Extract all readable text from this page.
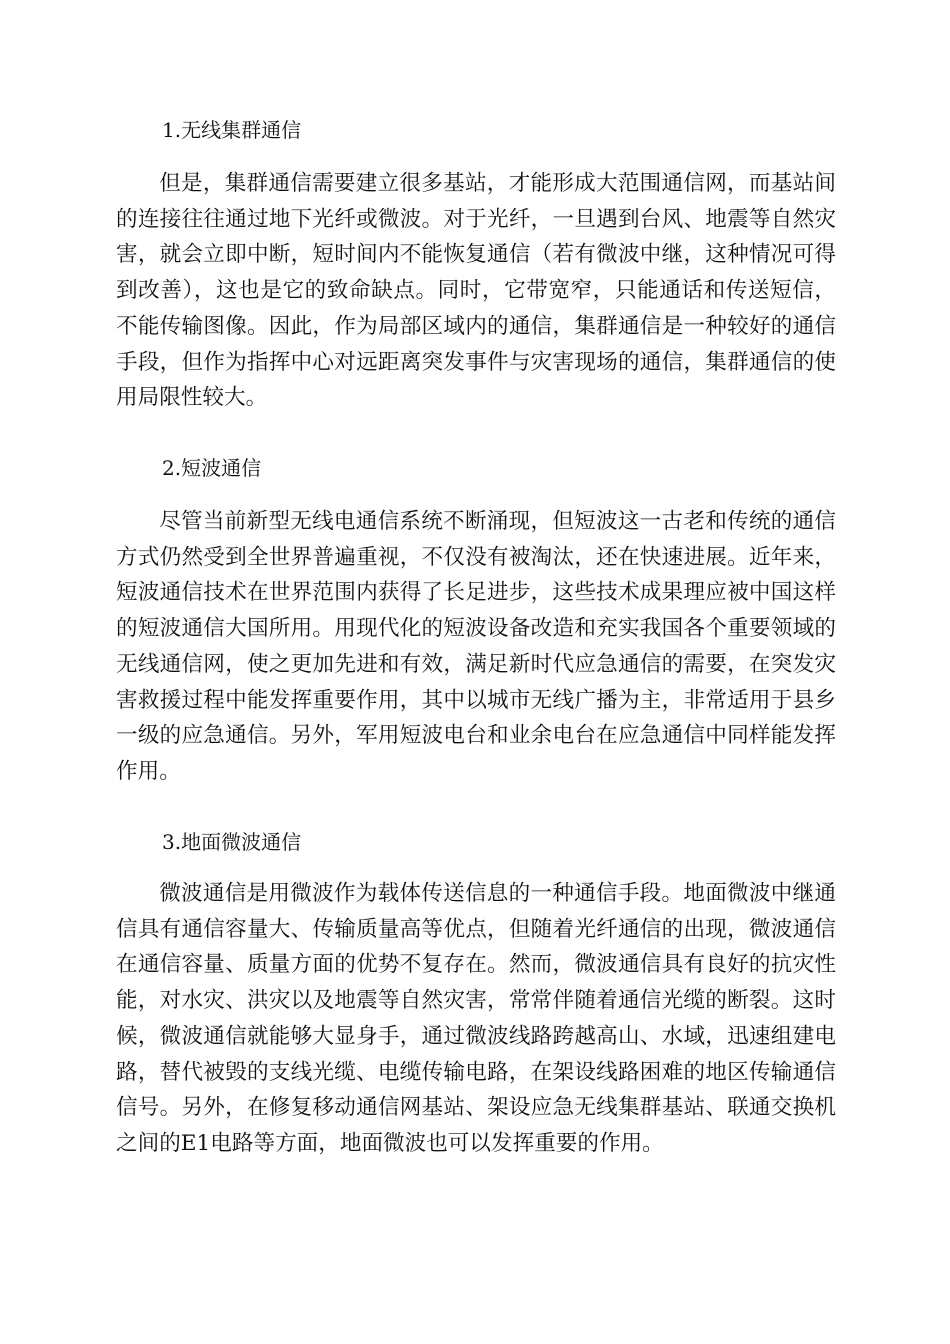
1.无线集群通信

但是，集群通信需要建立很多基站，才能形成大范围通信网，而基站间的连接往往通过地下光纤或微波。对于光纤，一旦遇到台风、地震等自然灾害，就会立即中断，短时间内不能恢复通信（若有微波中继，这种情况可得到改善），这也是它的致命缺点。同时，它带宽窄，只能通话和传送短信，不能传输图像。因此，作为局部区域内的通信，集群通信是一种较好的通信手段，但作为指挥中心对远距离突发事件与灾害现场的通信，集群通信的使用局限性较大。

2.短波通信

尽管当前新型无线电通信系统不断涌现，但短波这一古老和传统的通信方式仍然受到全世界普遍重视，不仅没有被淘汰，还在快速进展。近年来，短波通信技术在世界范围内获得了长足进步，这些技术成果理应被中国这样的短波通信大国所用。用现代化的短波设备改造和充实我国各个重要领域的无线通信网，使之更加先进和有效，满足新时代应急通信的需要，在突发灾害救援过程中能发挥重要作用，其中以城市无线广播为主，非常适用于县乡一级的应急通信。另外，军用短波电台和业余电台在应急通信中同样能发挥作用。

3.地面微波通信

微波通信是用微波作为载体传送信息的一种通信手段。地面微波中继通信具有通信容量大、传输质量高等优点，但随着光纤通信的出现，微波通信在通信容量、质量方面的优势不复存在。然而，微波通信具有良好的抗灾性能，对水灾、洪灾以及地震等自然灾害，常常伴随着通信光缆的断裂。这时候，微波通信就能够大显身手，通过微波线路跨越高山、水域，迅速组建电路，替代被毁的支线光缆、电缆传输电路，在架设线路困难的地区传输通信信号。另外，在修复移动通信网基站、架设应急无线集群基站、联通交换机之间的E1电路等方面，地面微波也可以发挥重要的作用。
